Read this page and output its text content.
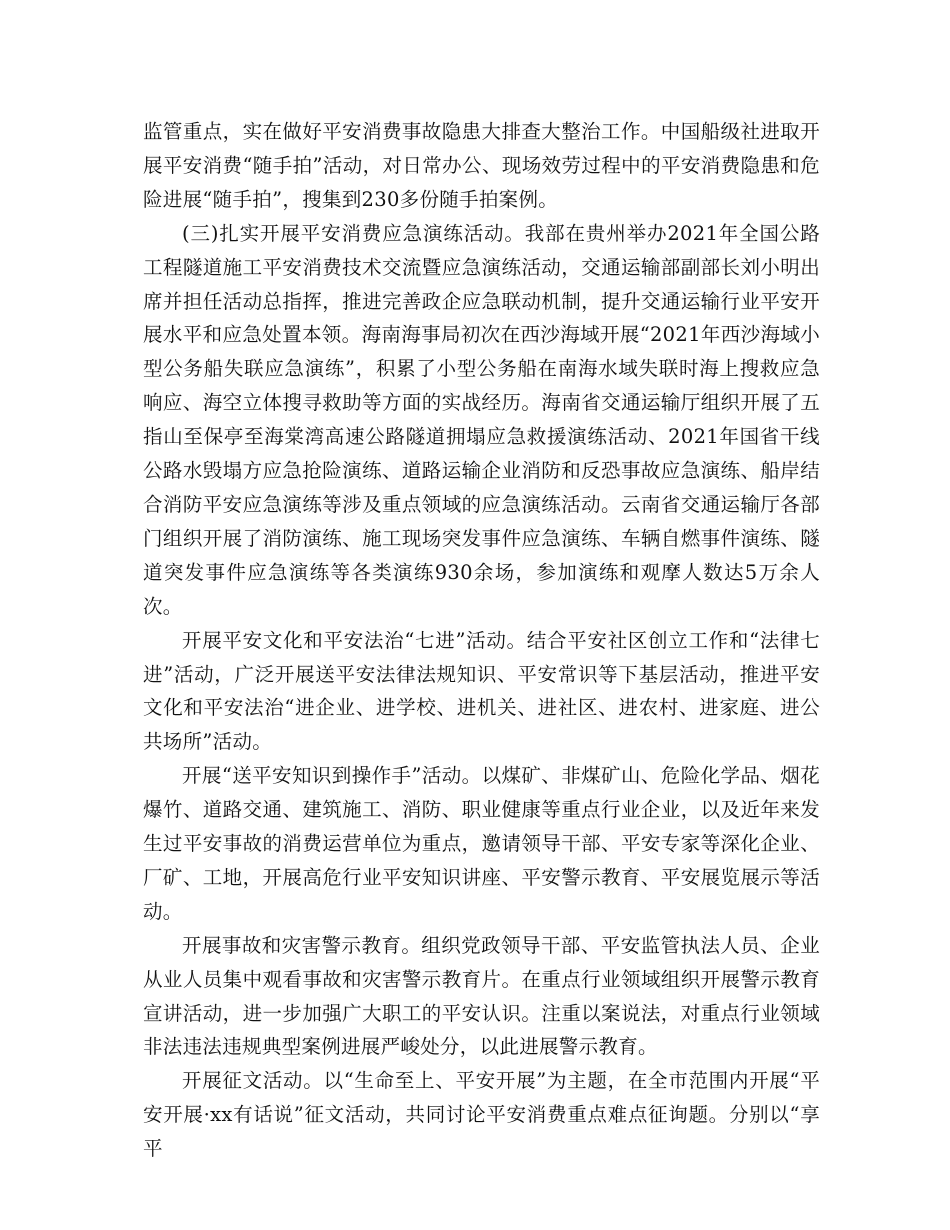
监管重点，实在做好平安消费事故隐患大排查大整治工作。中国船级社进取开展平安消费“随手拍”活动，对日常办公、现场效劳过程中的平安消费隐患和危险进展“随手拍”，搜集到230多份随手拍案例。

(三)扎实开展平安消费应急演练活动。我部在贵州举办2021年全国公路工程隧道施工平安消费技术交流暨应急演练活动，交通运输部副部长刘小明出席并担任活动总指挥，推进完善政企应急联动机制，提升交通运输行业平安开展水平和应急处置本领。海南海事局初次在西沙海域开展“2021年西沙海域小型公务船失联应急演练”，积累了小型公务船在南海水域失联时海上搜救应急响应、海空立体搜寻救助等方面的实战经历。海南省交通运输厅组织开展了五指山至保亭至海棠湾高速公路隧道拥塌应急救援演练活动、2021年国省干线公路水毁塌方应急抢险演练、道路运输企业消防和反恐事故应急演练、船岸结合消防平安应急演练等涉及重点领域的应急演练活动。云南省交通运输厅各部门组织开展了消防演练、施工现场突发事件应急演练、车辆自燃事件演练、隧道突发事件应急演练等各类演练930余场，参加演练和观摩人数达5万余人次。

开展平安文化和平安法治“七进”活动。结合平安社区创立工作和“法律七进”活动，广泛开展送平安法律法规知识、平安常识等下基层活动，推进平安文化和平安法治“进企业、进学校、进机关、进社区、进农村、进家庭、进公共场所”活动。

开展“送平安知识到操作手”活动。以煤矿、非煤矿山、危险化学品、烟花爆竹、道路交通、建筑施工、消防、职业健康等重点行业企业，以及近年来发生过平安事故的消费运营单位为重点，邀请领导干部、平安专家等深化企业、厂矿、工地，开展高危行业平安知识讲座、平安警示教育、平安展览展示等活动。

开展事故和灾害警示教育。组织党政领导干部、平安监管执法人员、企业从业人员集中观看事故和灾害警示教育片。在重点行业领域组织开展警示教育宣讲活动，进一步加强广大职工的平安认识。注重以案说法，对重点行业领域非法违法违规典型案例进展严峻处分，以此进展警示教育。

开展征文活动。以“生命至上、平安开展”为主题，在全市范围内开展“平安开展·xx有话说”征文活动，共同讨论平安消费重点难点征询题。分别以“享平
